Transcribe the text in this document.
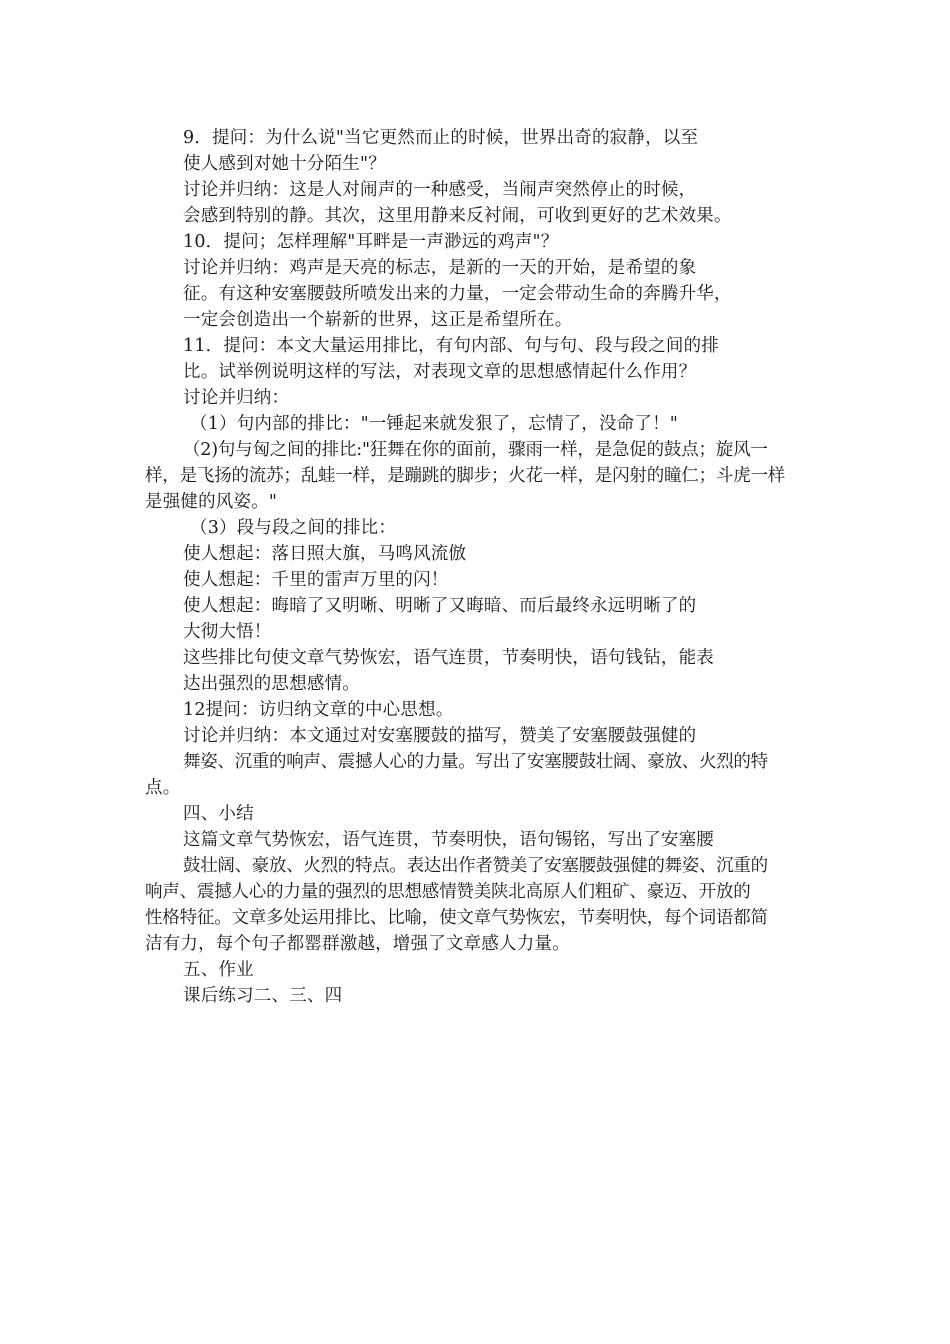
9．提问：为什么说"当它更然而止的时候，世界出奇的寂静，以至
使人感到对她十分陌生"？
讨论并归纳：这是人对闹声的一种感受，当闹声突然停止的时候，
会感到特别的静。其次，这里用静来反衬闹，可收到更好的艺术效果。
10．提问；怎样理解"耳畔是一声渺远的鸡声"？
讨论并归纳：鸡声是天亮的标志，是新的一天的开始，是希望的象
征。有这种安塞腰鼓所喷发出来的力量，一定会带动生命的奔腾升华，
一定会创造出一个崭新的世界，这正是希望所在。
11．提问：本文大量运用排比，有句内部、句与句、段与段之间的排
比。试举例说明这样的写法，对表现文章的思想感情起什么作用？
讨论并归纳：
（1）句内部的排比："一锤起来就发狠了，忘情了，没命了！"
（2)句与匈之间的排比:"狂舞在你的面前，骤雨一样，是急促的鼓点；旋风一
样，是飞扬的流苏；乱蛙一样，是蹦跳的脚步；火花一样，是闪射的瞳仁；斗虎一样
是强健的风姿。"
（3）段与段之间的排比：
使人想起：落日照大旗，马鸣风流倣
使人想起：千里的雷声万里的闪！
使人想起：晦暗了又明晰、明晰了又晦暗、而后最终永远明晰了的
大彻大悟！
这些排比句使文章气势恢宏，语气连贯，节奏明快，语句钱钻，能表
达出强烈的思想感情。
12提问：访归纳文章的中心思想。
讨论并归纳：本文通过对安塞腰鼓的描写，赞美了安塞腰鼓强健的
舞姿、沉重的响声、震撼人心的力量。写出了安塞腰鼓壮阔、豪放、火烈的特
点。
四、小结
这篇文章气势恢宏，语气连贯，节奏明快，语句锡铭，写出了安塞腰
鼓壮阔、豪放、火烈的特点。表达出作者赞美了安塞腰鼓强健的舞姿、沉重的
响声、震撼人心的力量的强烈的思想感情赞美陕北高原人们粗矿、豪迈、开放的
性格特征。文章多处运用排比、比喻，使文章气势恢宏，节奏明快，每个词语都简
洁有力，每个句子都罂群激越，增强了文章感人力量。
五、作业
课后练习二、三、四
